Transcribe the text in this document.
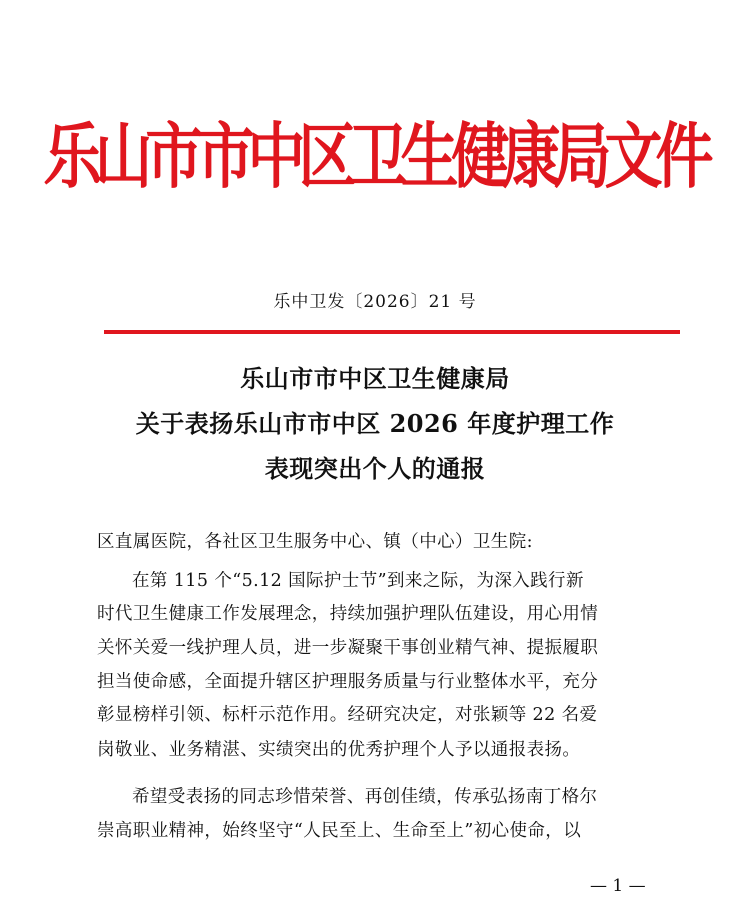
乐山市市中区卫生健康局文件
乐中卫发〔2026〕21 号
乐山市市中区卫生健康局
关于表扬乐山市市中区 2026 年度护理工作
表现突出个人的通报
区直属医院，各社区卫生服务中心、镇（中心）卫生院:
在第 115 个“5.12 国际护士节”到来之际，为深入践行新
时代卫生健康工作发展理念，持续加强护理队伍建设，用心用情
关怀关爱一线护理人员，进一步凝聚干事创业精气神、提振履职
担当使命感，全面提升辖区护理服务质量与行业整体水平，充分
彰显榜样引领、标杆示范作用。经研究决定，对张颖等 22 名爱
岗敬业、业务精湛、实绩突出的优秀护理个人予以通报表扬。
希望受表扬的同志珍惜荣誉、再创佳绩，传承弘扬南丁格尔
崇高职业精神，始终坚守“人民至上、生命至上”初心使命，以
— 1 —
